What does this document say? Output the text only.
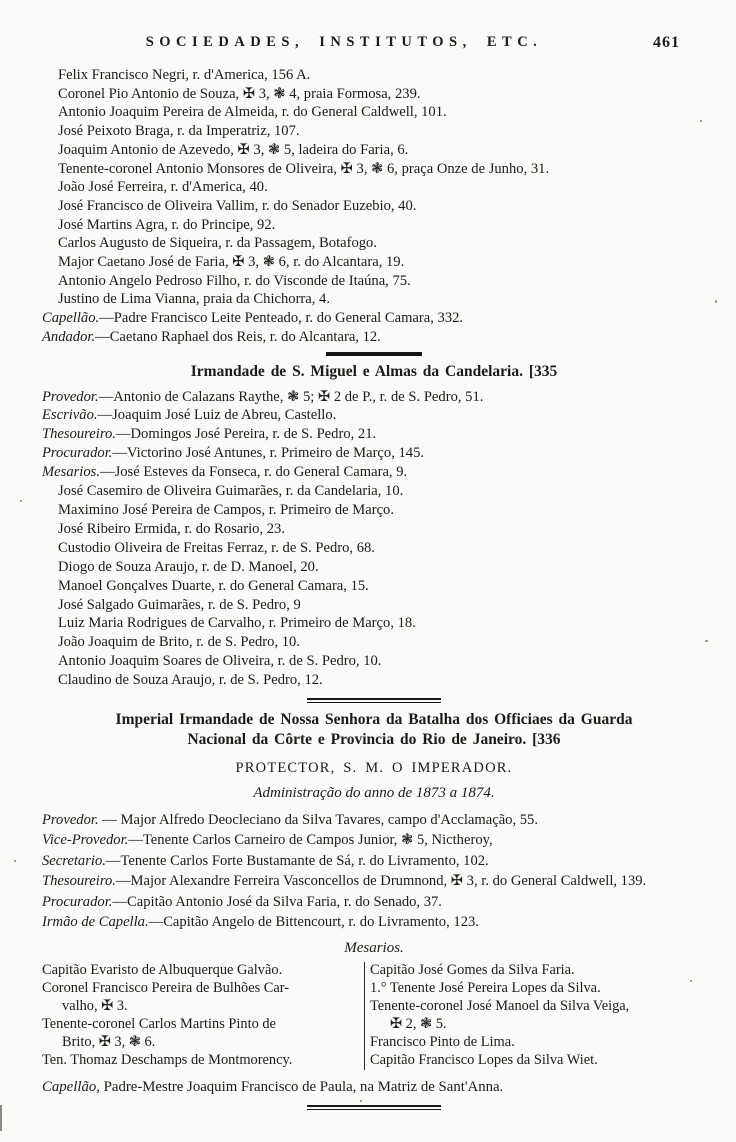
SOCIEDADES, INSTITUTOS, ETC.	461
Felix Francisco Negri, r. d'America, 156 A.
Coronel Pio Antonio de Souza, ✠ 3, ❃ 4, praia Formosa, 239.
Antonio Joaquim Pereira de Almeida, r. do General Caldwell, 101.
José Peixoto Braga, r. da Imperatriz, 107.
Joaquim Antonio de Azevedo, ✠ 3, ❃ 5, ladeira do Faria, 6.
Tenente-coronel Antonio Monsores de Oliveira, ✠ 3, ❃ 6, praça Onze de Junho, 31.
João José Ferreira, r. d'America, 40.
José Francisco de Oliveira Vallim, r. do Senador Euzebio, 40.
José Martins Agra, r. do Principe, 92.
Carlos Augusto de Siqueira, r. da Passagem, Botafogo.
Major Caetano José de Faria, ✠ 3, ❃ 6, r. do Alcantara, 19.
Antonio Angelo Pedroso Filho, r. do Visconde de Itaúna, 75.
Justino de Lima Vianna, praia da Chichorra, 4.
Capellão.—Padre Francisco Leite Penteado, r. do General Camara, 332.
Andador.—Caetano Raphael dos Reis, r. do Alcantara, 12.
Irmandade de S. Miguel e Almas da Candelaria. [335
Provedor.—Antonio de Calazans Raythe, ❃ 5; ✠ 2 de P., r. de S. Pedro, 51.
Escrivão.—Joaquim José Luiz de Abreu, Castello.
Thesoureiro.—Domingos José Pereira, r. de S. Pedro, 21.
Procurador.—Victorino José Antunes, r. Primeiro de Março, 145.
Mesarios.—José Esteves da Fonseca, r. do General Camara, 9.
José Casemiro de Oliveira Guimarães, r. da Candelaria, 10.
Maximino José Pereira de Campos, r. Primeiro de Março.
José Ribeiro Ermida, r. do Rosario, 23.
Custodio Oliveira de Freitas Ferraz, r. de S. Pedro, 68.
Diogo de Souza Araujo, r. de D. Manoel, 20.
Manoel Gonçalves Duarte, r. do General Camara, 15.
José Salgado Guimarães, r. de S. Pedro, 9
Luiz Maria Rodrigues de Carvalho, r. Primeiro de Março, 18.
João Joaquim de Brito, r. de S. Pedro, 10.
Antonio Joaquim Soares de Oliveira, r. de S. Pedro, 10.
Claudino de Souza Araujo, r. de S. Pedro, 12.
Imperial Irmandade de Nossa Senhora da Batalha dos Officiaes da Guarda
Nacional da Côrte e Provincia do Rio de Janeiro. [336
PROTECTOR, S. M. O IMPERADOR.
Administração do anno de 1873 a 1874.
Provedor. — Major Alfredo Deocleciano da Silva Tavares, campo d'Acclamação, 55.
Vice-Provedor.—Tenente Carlos Carneiro de Campos Junior, ❃ 5, Nictheroy,
Secretario.—Tenente Carlos Forte Bustamante de Sá, r. do Livramento, 102.
Thesoureiro.—Major Alexandre Ferreira Vasconcellos de Drumnond, ✠ 3, r. do General Caldwell, 139.
Procurador.—Capitão Antonio José da Silva Faria, r. do Senado, 37.
Irmão de Capella.—Capitão Angelo de Bittencourt, r. do Livramento, 123.
Mesarios.
Capitão Evaristo de Albuquerque Galvão.
Coronel Francisco Pereira de Bulhões Car-
valho, ✠ 3.
Tenente-coronel Carlos Martins Pinto de
Brito, ✠ 3, ❃ 6.
Ten. Thomaz Deschamps de Montmorency.
Capitão José Gomes da Silva Faria.
1.° Tenente José Pereira Lopes da Silva.
Tenente-coronel José Manoel da Silva Veiga,
✠ 2, ❃ 5.
Francisco Pinto de Lima.
Capitão Francisco Lopes da Silva Wiet.
Capellão, Padre-Mestre Joaquim Francisco de Paula, na Matriz de Sant'Anna.
